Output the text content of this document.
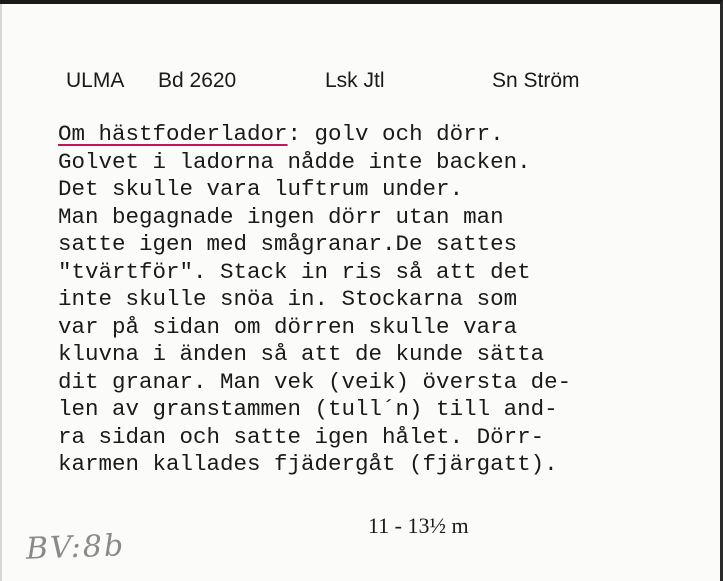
ULMA Bd 2620	Lsk Jtl	Sn Ström
Om hästfoderlador: golv och dörr.
Golvet i ladorna nådde inte backen.
Det skulle vara luftrum under.
Man begagnade ingen dörr utan man
satte igen med smågranar.De sattes
"tvärtför". Stack in ris så att det
inte skulle snöa in. Stockarna som
var på sidan om dörren skulle vara
kluvna i änden så att de kunde sätta
dit granar. Man vek (veik) översta de-
len av granstammen (tull´n) till and-
ra sidan och satte igen hålet. Dörr-
karmen kallades fjädergåt (fjärgatt).
11 - 13½ m
BV:8b
